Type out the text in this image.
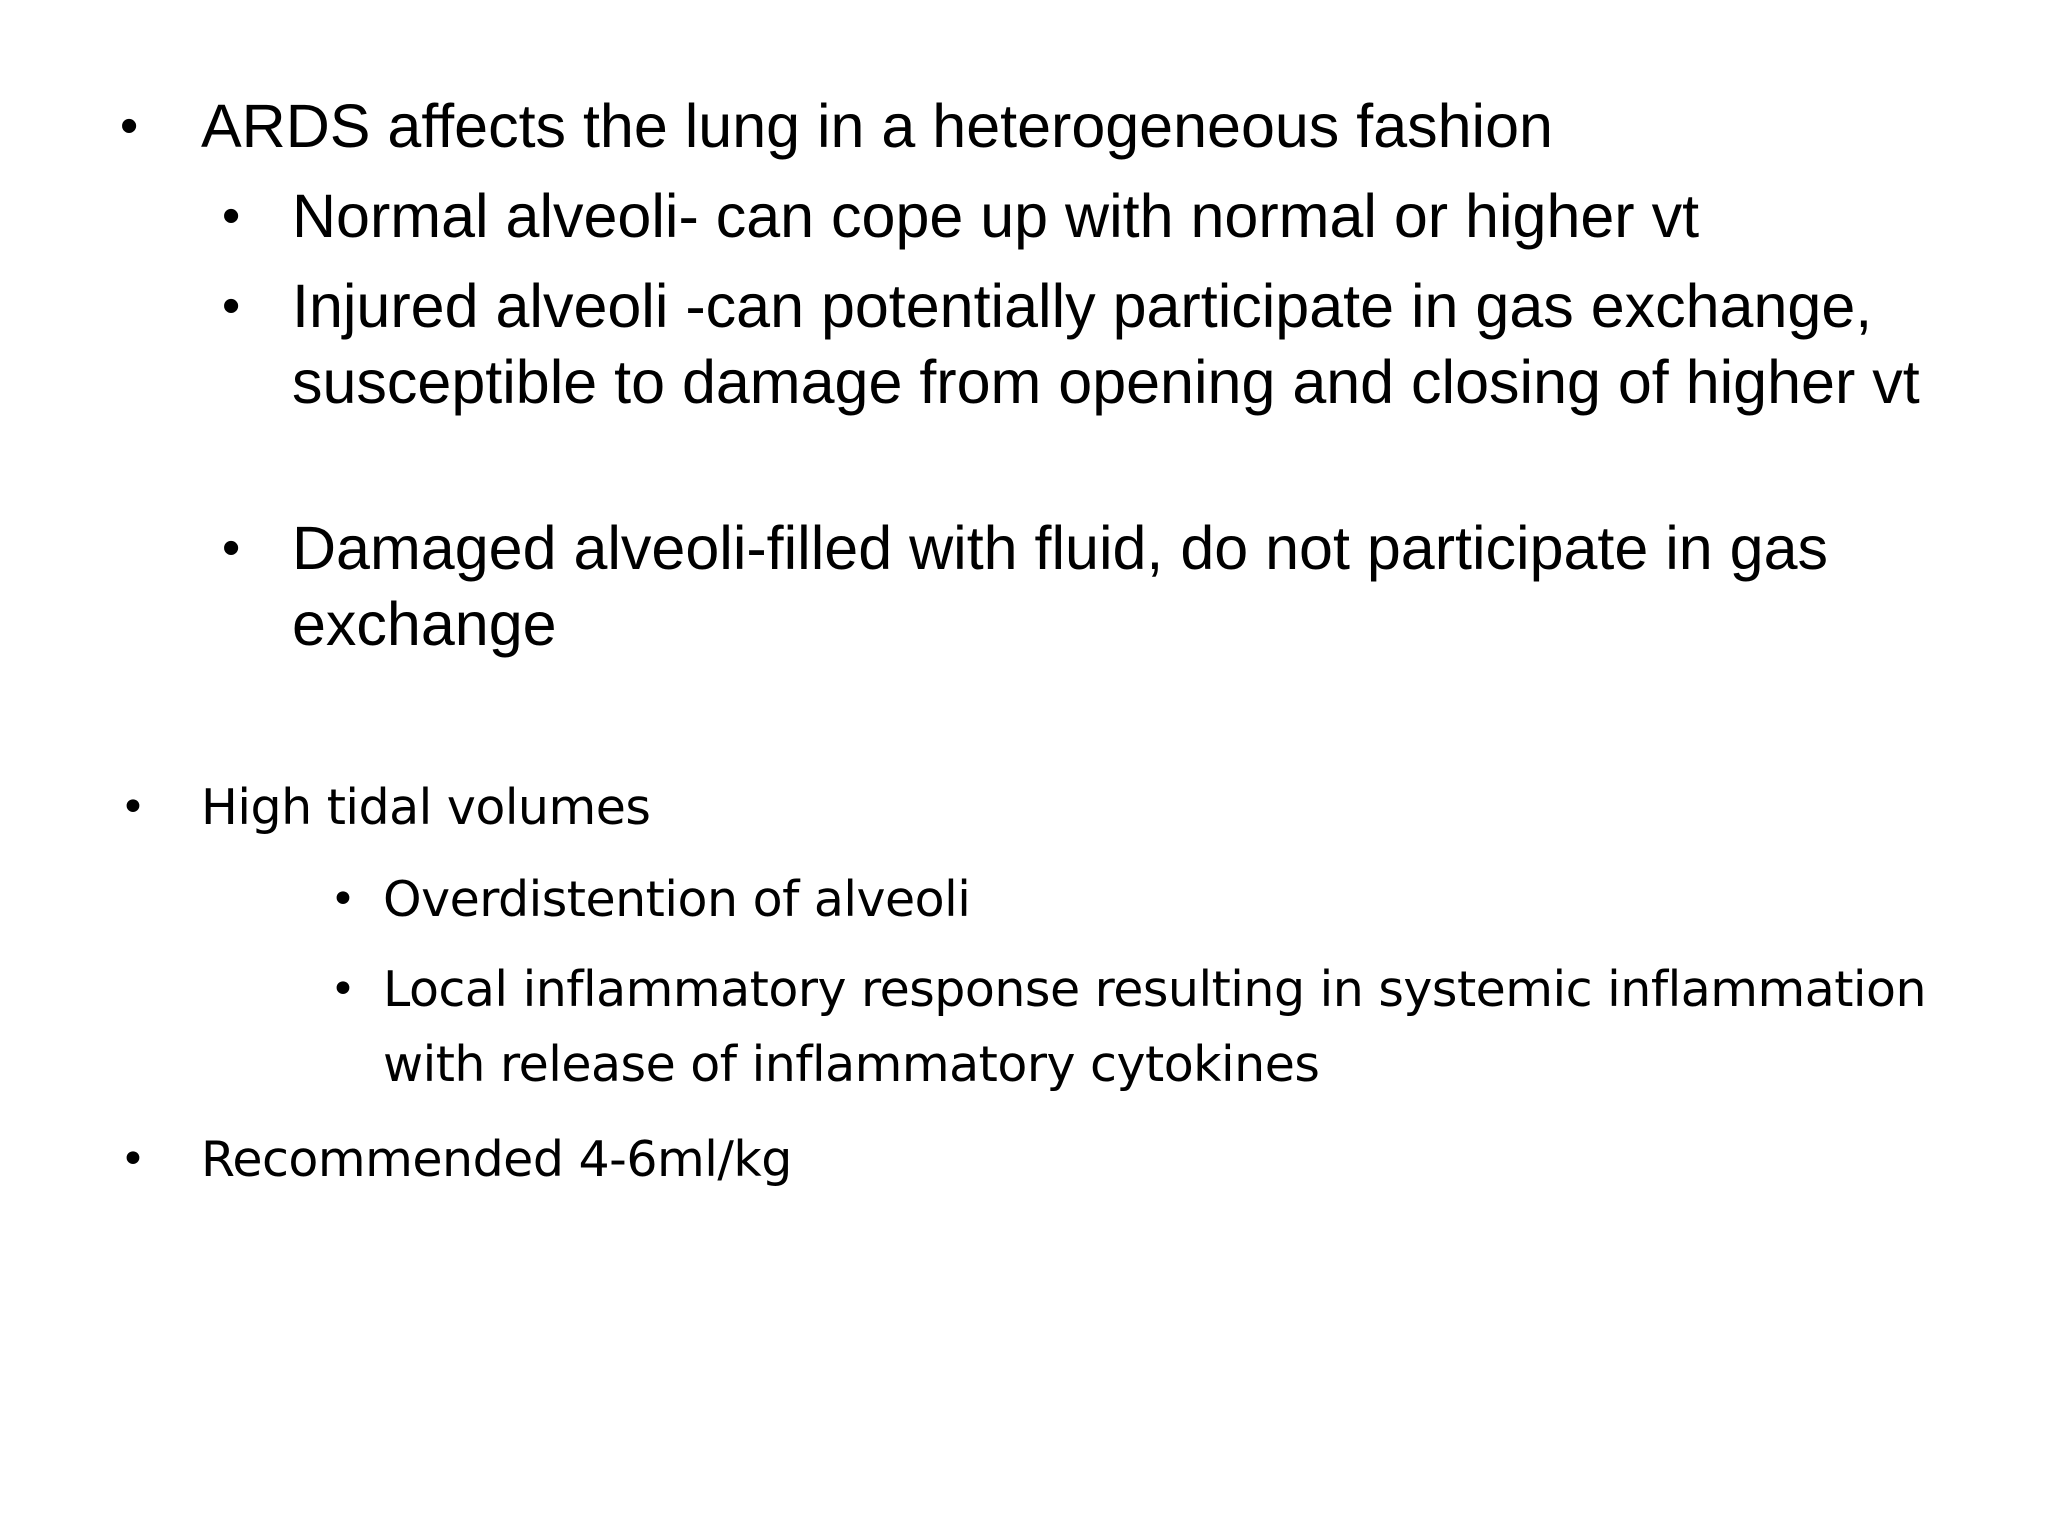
• ARDS affects the lung in a heterogeneous fashion
• Normal alveoli- can cope up with normal or higher vt
• Injured alveoli -can potentially participate in gas exchange, susceptible to damage from opening and closing of higher vt
• Damaged alveoli-filled with fluid, do not participate in gas exchange
• High tidal volumes
• Overdistention of alveoli
• Local inflammatory response resulting in systemic inflammation with release of inflammatory cytokines
• Recommended 4-6ml/kg
